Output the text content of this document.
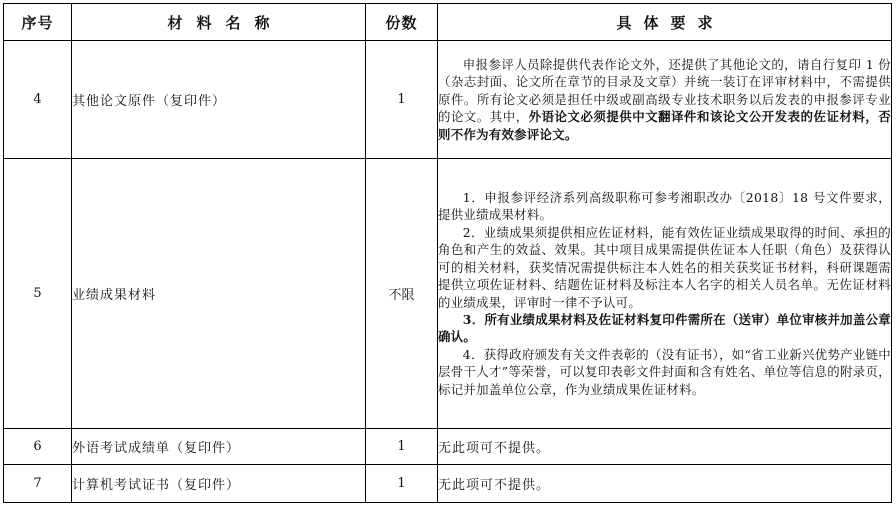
序号	材料名称	份数	具体要求
4	其他论文原件（复印件）	1	申报参评人员除提供代表作论文外，还提供了其他论文的，请自行复印 1 份（杂志封面、论文所在章节的目录及文章）并统一装订在评审材料中，不需提供原件。所有论文必须是担任中级或副高级专业技术职务以后发表的申报参评专业的论文。其中，外语论文必须提供中文翻译件和该论文公开发表的佐证材料，否则不作为有效参评论文。

5	业绩成果材料	不限	1．申报参评经济系列高级职称可参考湘职改办〔2018〕18 号文件要求，提供业绩成果材料。

2．业绩成果须提供相应佐证材料，能有效佐证业绩成果取得的时间、承担的角色和产生的效益、效果。其中项目成果需提供佐证本人任职（角色）及获得认可的相关材料，获奖情况需提供标注本人姓名的相关获奖证书材料，科研课题需提供立项佐证材料、结题佐证材料及标注本人名字的相关人员名单。无佐证材料的业绩成果，评审时一律不予认可。

3．所有业绩成果材料及佐证材料复印件需所在（送审）单位审核并加盖公章确认。

4．获得政府颁发有关文件表彰的（没有证书），如“省工业新兴优势产业链中层骨干人才”等荣誉，可以复印表彰文件封面和含有姓名、单位等信息的附录页，标记并加盖单位公章，作为业绩成果佐证材料。

6	外语考试成绩单（复印件）	1	无此项可不提供。
7	计算机考试证书（复印件）	1	无此项可不提供。
